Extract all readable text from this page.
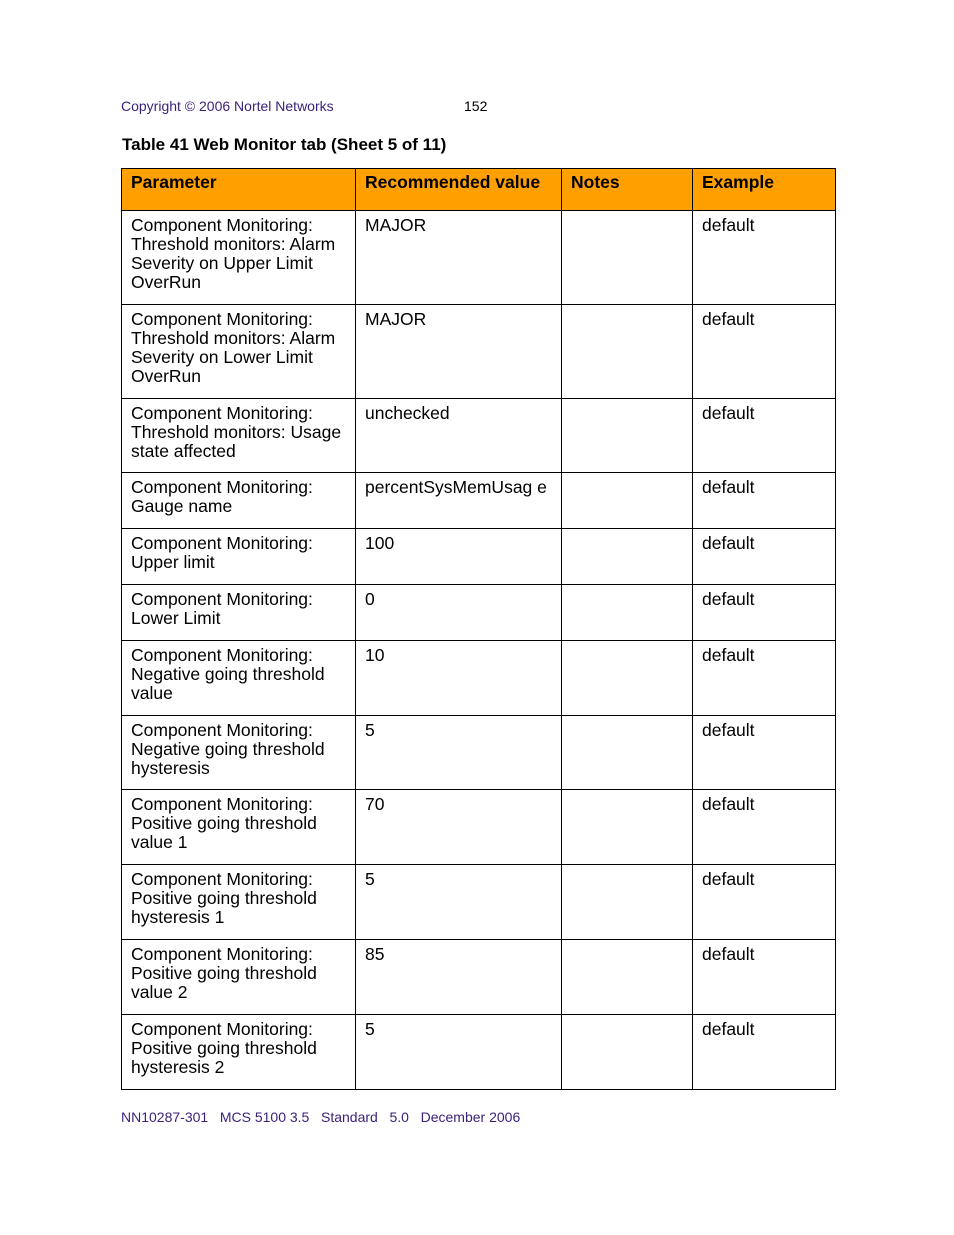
Copyright © 2006 Nortel Networks	152
Table 41 Web Monitor tab (Sheet 5 of 11)
Parameter	Recommended value	Notes	Example
Component Monitoring: Threshold monitors: Alarm Severity on Upper Limit OverRun	MAJOR		default
Component Monitoring: Threshold monitors: Alarm Severity on Lower Limit OverRun	MAJOR		default
Component Monitoring: Threshold monitors: Usage state affected	unchecked		default
Component Monitoring: Gauge name	percentSysMemUsag e		default
Component Monitoring: Upper limit	100		default
Component Monitoring: Lower Limit	0		default
Component Monitoring: Negative going threshold value	10		default
Component Monitoring: Negative going threshold hysteresis	5		default
Component Monitoring: Positive going threshold value 1	70		default
Component Monitoring: Positive going threshold hysteresis 1	5		default
Component Monitoring: Positive going threshold value 2	85		default
Component Monitoring: Positive going threshold hysteresis 2	5		default
NN10287-301   MCS 5100 3.5   Standard   5.0   December 2006
